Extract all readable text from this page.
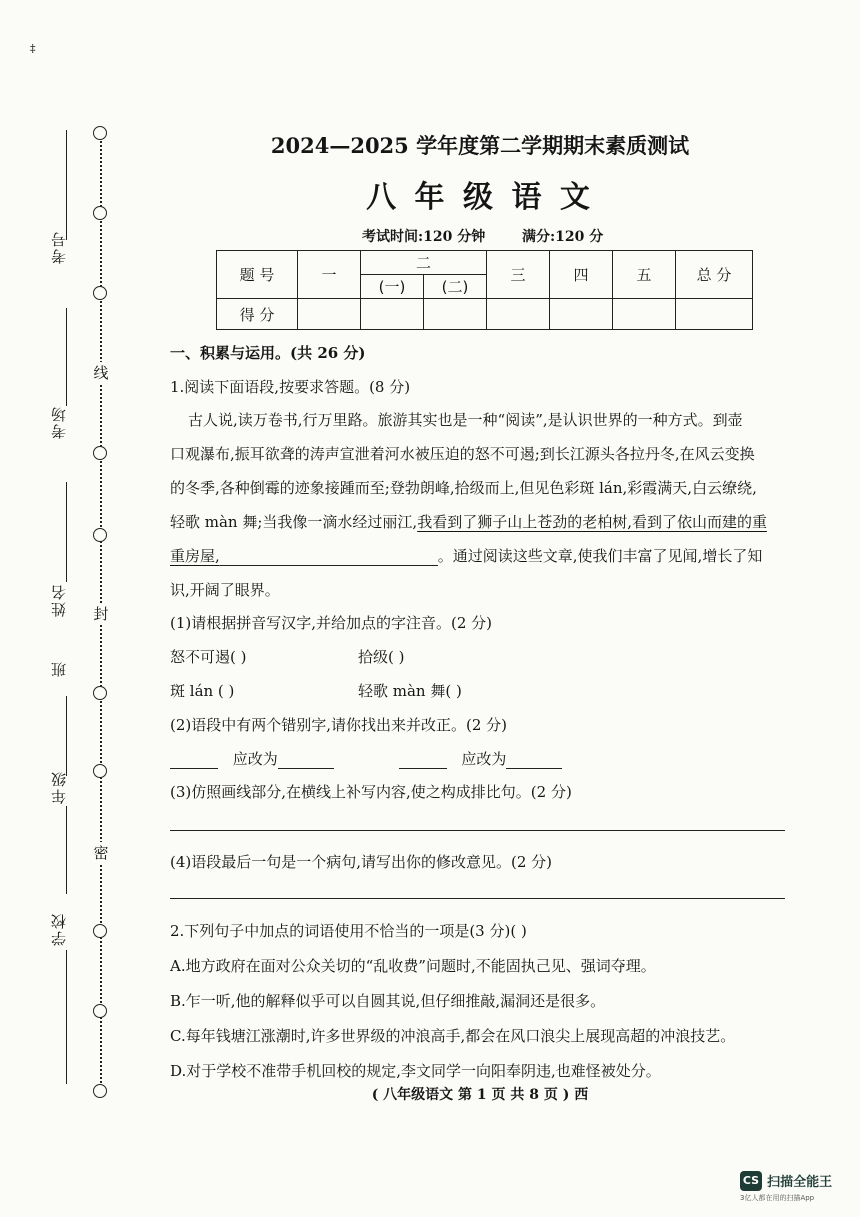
‡
考号
考场
姓名
班
年级
学校
线
封
密
2024—2025 学年度第二学期期末素质测试
八 年 级 语 文
考试时间:120 分钟	满分:120 分
题 号	一	二		三	四	五	总 分
		(一)	(二)				
得 分							
一、积累与运用。(共 26 分)
1.阅读下面语段,按要求答题。(8 分)
古人说,读万卷书,行万里路。旅游其实也是一种“阅读”,是认识世界的一种方式。到壶
口观瀑布,振耳欲聋的涛声宣泄着河水被压迫的怒不可遏;到长江源头各拉丹冬,在风云变换
的冬季,各种倒霉的迹象接踵而至;登勃朗峰,拾级而上,但见色彩斑 lán,彩霞满天,白云缭绕,
轻歌 màn 舞;当我像一滴水经过丽江,我看到了狮子山上苍劲的老柏树,看到了依山而建的重
重房屋,	。通过阅读这些文章,使我们丰富了见闻,增长了知
识,开阔了眼界。
(1)请根据拼音写汉字,并给加点的字注音。(2 分)
怒不可遏( )	拾级( )
斑 lán ( )	轻歌 màn 舞( )
(2)语段中有两个错别字,请你找出来并改正。(2 分)
应改为	应改为
(3)仿照画线部分,在横线上补写内容,使之构成排比句。(2 分)
(4)语段最后一句是一个病句,请写出你的修改意见。(2 分)
2.下列句子中加点的词语使用不恰当的一项是(3 分)( )
A.地方政府在面对公众关切的“乱收费”问题时,不能固执己见、强词夺理。
B.乍一听,他的解释似乎可以自圆其说,但仔细推敲,漏洞还是很多。
C.每年钱塘江涨潮时,许多世界级的冲浪高手,都会在风口浪尖上展现高超的冲浪技艺。
D.对于学校不准带手机回校的规定,李文同学一向阳奉阴违,也难怪被处分。
( 八年级语文 第 1 页 共 8 页 ) 西
CS 扫描全能王
3亿人都在用的扫描App
